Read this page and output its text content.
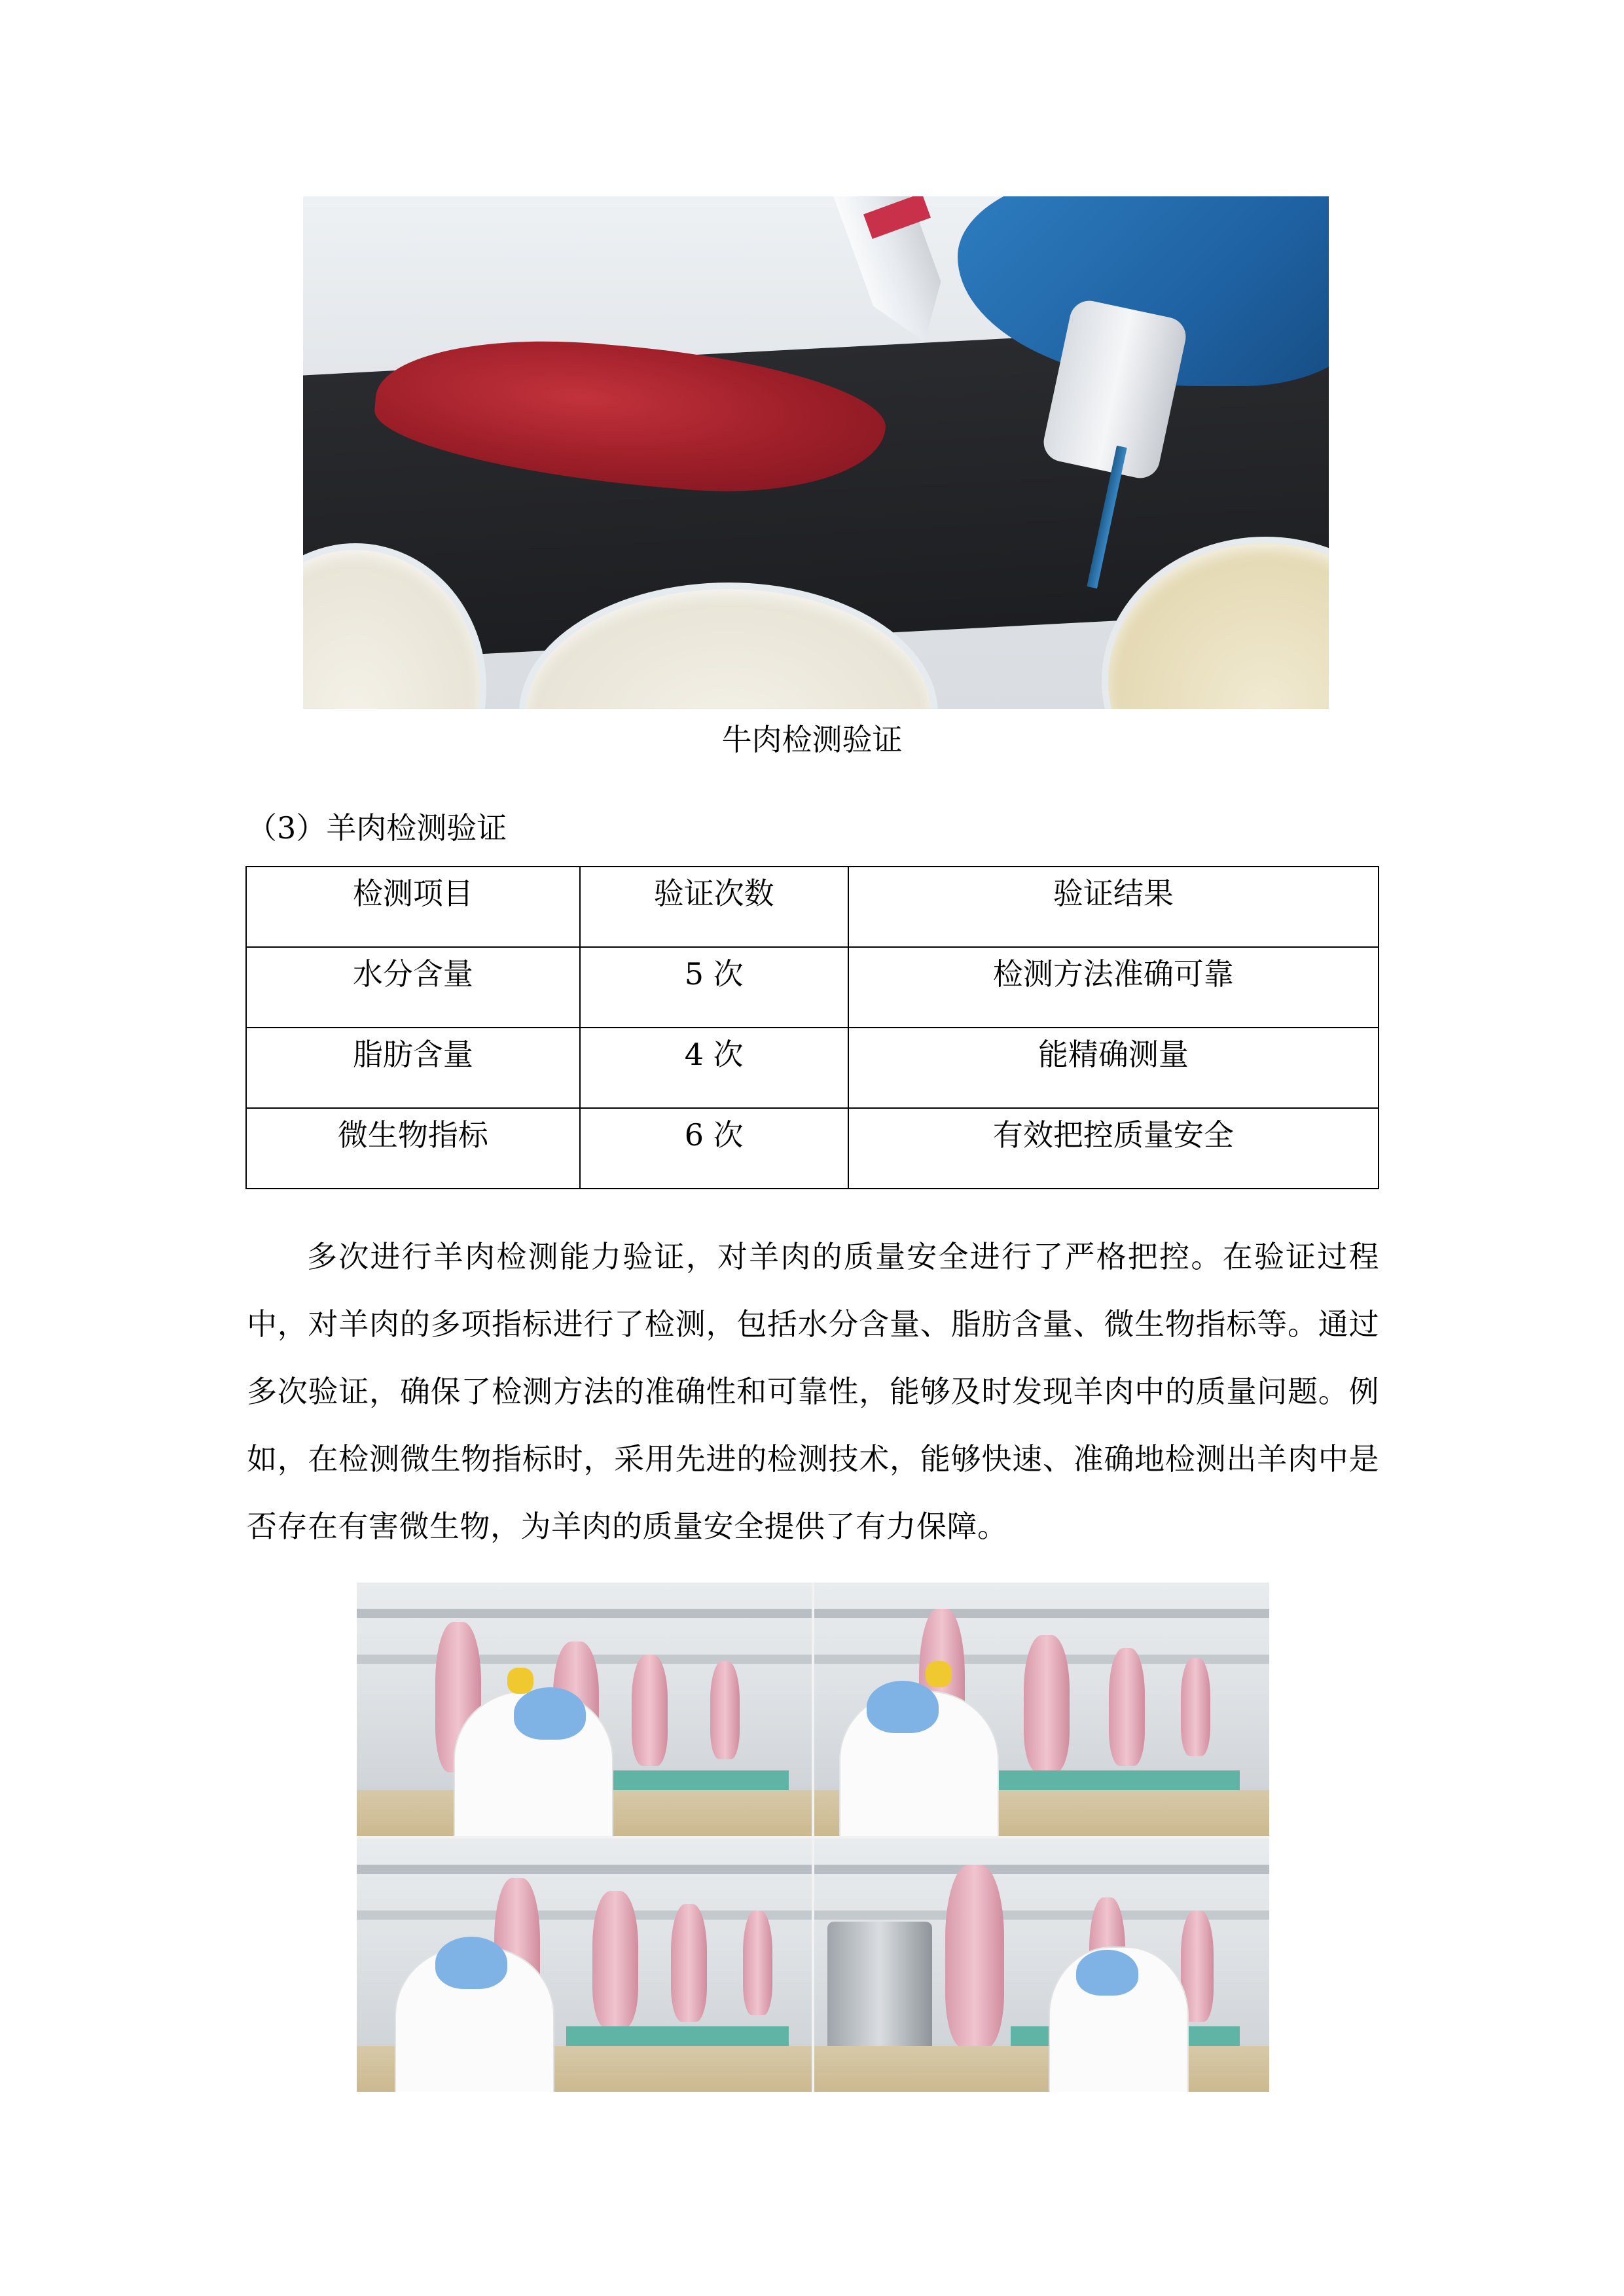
牛肉检测验证
（3）羊肉检测验证
检测项目	验证次数	验证结果
水分含量	5 次	检测方法准确可靠
脂肪含量	4 次	能精确测量
微生物指标	6 次	有效把控质量安全

多次进行羊肉检测能力验证，对羊肉的质量安全进行了严格把控。在验证过程中，对羊肉的多项指标进行了检测，包括水分含量、脂肪含量、微生物指标等。通过多次验证，确保了检测方法的准确性和可靠性，能够及时发现羊肉中的质量问题。例如，在检测微生物指标时，采用先进的检测技术，能够快速、准确地检测出羊肉中是否存在有害微生物，为羊肉的质量安全提供了有力保障。
